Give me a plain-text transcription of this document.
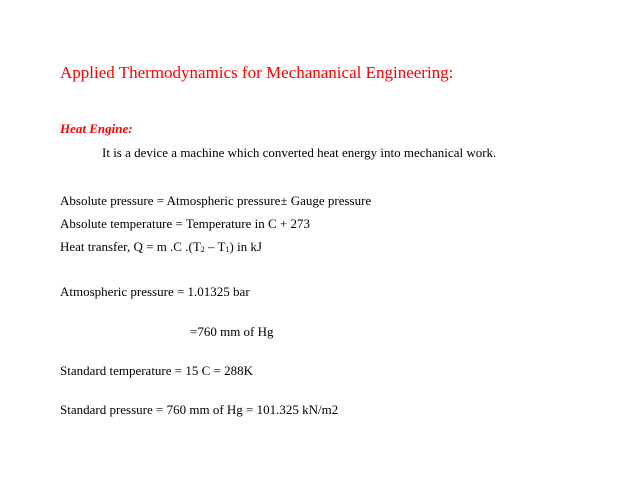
Applied Thermodynamics for Mechananical Engineering:
Heat Engine:
It is a device a machine which converted heat energy into mechanical work.
Absolute pressure = Atmospheric pressure± Gauge pressure
Absolute temperature = Temperature in C + 273
Heat transfer, Q = m .C .(T2 – T1) in kJ
Atmospheric pressure = 1.01325 bar
=760 mm of Hg
Standard temperature = 15 C = 288K
Standard pressure = 760 mm of Hg = 101.325 kN/m2
